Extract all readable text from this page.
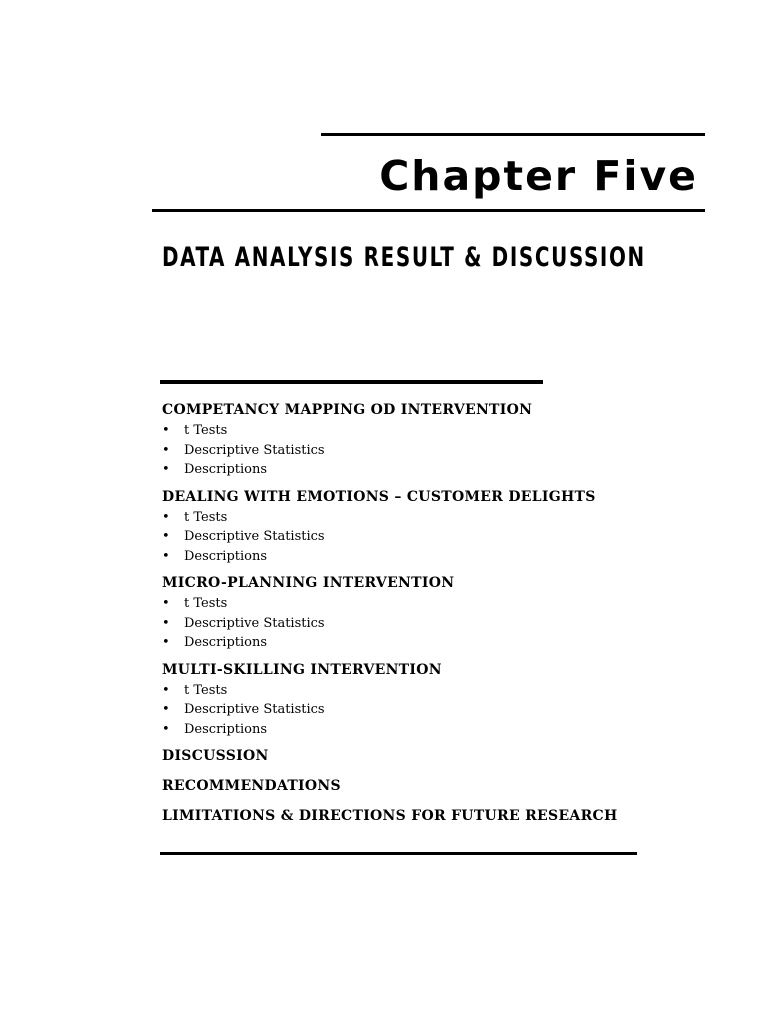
Chapter Five
DATA ANALYSIS RESULT & DISCUSSION
COMPETANCY MAPPING OD INTERVENTION
• t Tests
• Descriptive Statistics
• Descriptions
DEALING WITH EMOTIONS – CUSTOMER DELIGHTS
• t Tests
• Descriptive Statistics
• Descriptions
MICRO-PLANNING INTERVENTION
• t Tests
• Descriptive Statistics
• Descriptions
MULTI-SKILLING INTERVENTION
• t Tests
• Descriptive Statistics
• Descriptions
DISCUSSION
RECOMMENDATIONS
LIMITATIONS & DIRECTIONS FOR FUTURE RESEARCH
